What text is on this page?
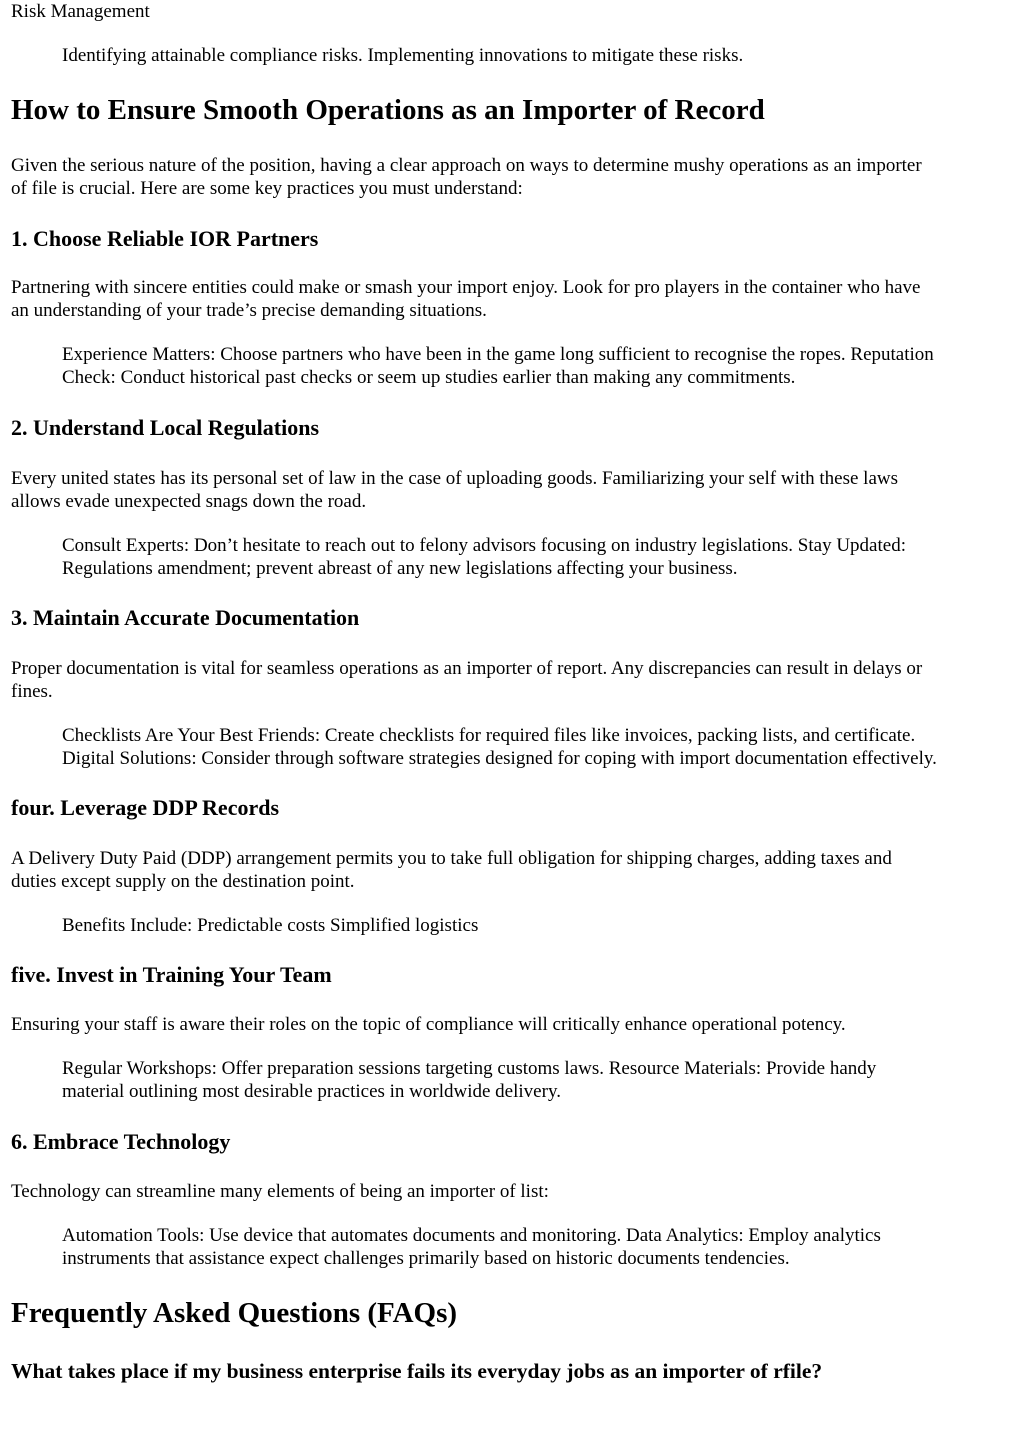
Risk Management

Identifying attainable compliance risks. Implementing innovations to mitigate these risks.

How to Ensure Smooth Operations as an Importer of Record

Given the serious nature of the position, having a clear approach on ways to determine mushy operations as an importer

of file is crucial. Here are some key practices you must understand:

1. Choose Reliable IOR Partners

Partnering with sincere entities could make or smash your import enjoy. Look for pro players in the container who have

an understanding of your trade’s precise demanding situations.

Experience Matters: Choose partners who have been in the game long sufficient to recognise the ropes. Reputation

Check: Conduct historical past checks or seem up studies earlier than making any commitments.

2. Understand Local Regulations

Every united states has its personal set of law in the case of uploading goods. Familiarizing your self with these laws

allows evade unexpected snags down the road.

Consult Experts: Don’t hesitate to reach out to felony advisors focusing on industry legislations. Stay Updated:

Regulations amendment; prevent abreast of any new legislations affecting your business.

3. Maintain Accurate Documentation

Proper documentation is vital for seamless operations as an importer of report. Any discrepancies can result in delays or

fines.

Checklists Are Your Best Friends: Create checklists for required files like invoices, packing lists, and certificate.

Digital Solutions: Consider through software strategies designed for coping with import documentation effectively.

four. Leverage DDP Records

A Delivery Duty Paid (DDP) arrangement permits you to take full obligation for shipping charges, adding taxes and

duties except supply on the destination point.

Benefits Include: Predictable costs Simplified logistics

five. Invest in Training Your Team

Ensuring your staff is aware their roles on the topic of compliance will critically enhance operational potency.

Regular Workshops: Offer preparation sessions targeting customs laws. Resource Materials: Provide handy

material outlining most desirable practices in worldwide delivery.

6. Embrace Technology

Technology can streamline many elements of being an importer of list:

Automation Tools: Use device that automates documents and monitoring. Data Analytics: Employ analytics

instruments that assistance expect challenges primarily based on historic documents tendencies.

Frequently Asked Questions (FAQs)
What takes place if my business enterprise fails its everyday jobs as an importer of rfile?
